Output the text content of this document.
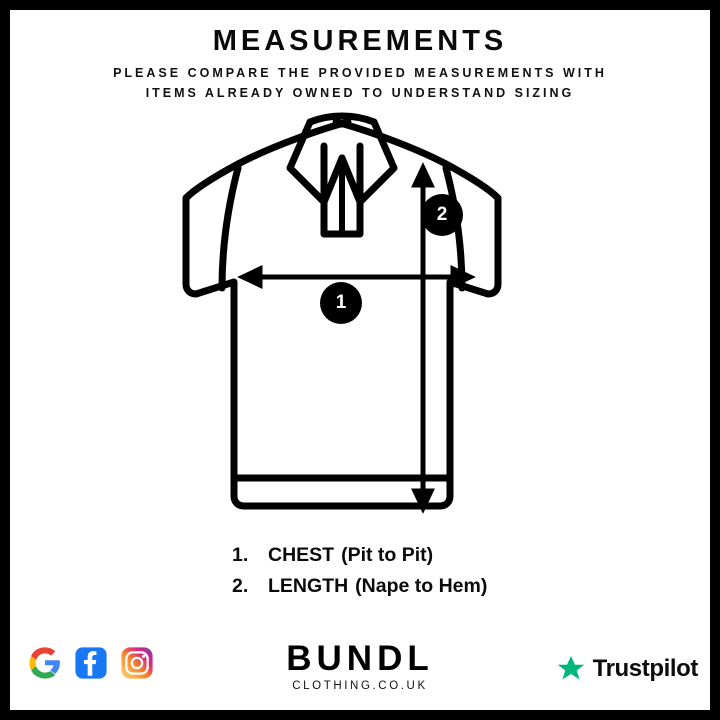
MEASUREMENTS
PLEASE COMPARE THE PROVIDED MEASUREMENTS WITH
ITEMS ALREADY OWNED TO UNDERSTAND SIZING
1
2
1.	CHEST (Pit to Pit)
2.	LENGTH (Nape to Hem)
BUNDL
CLOTHING.CO.UK
Trustpilot
